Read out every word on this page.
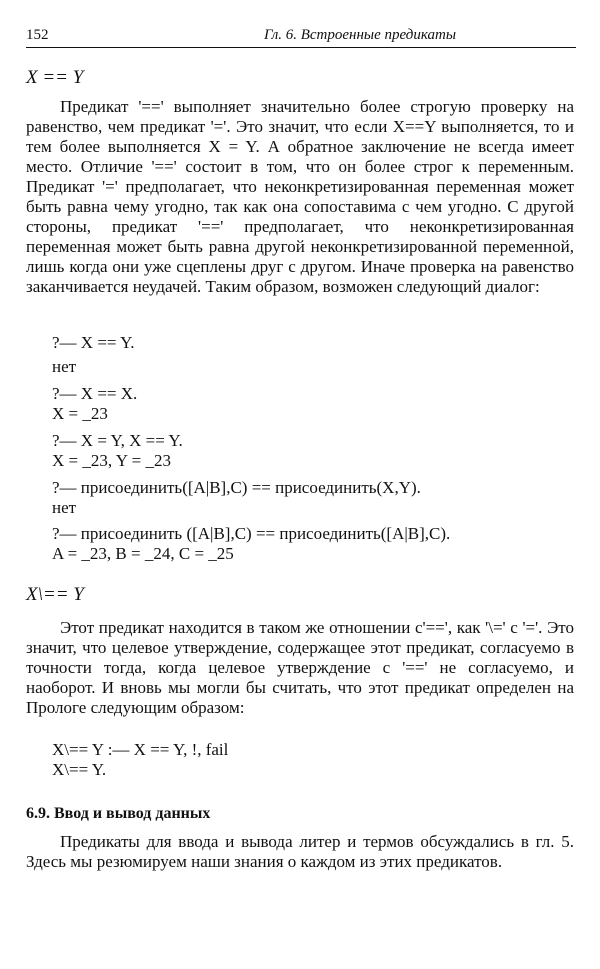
152	Гл. 6. Встроенные предикаты
X == Y

Предикат '==' выполняет значительно более строгую проверку на равенство, чем предикат '='. Это значит, что если X==Y выполняется, то и тем более выполняется X = Y. А обратное заключение не всегда имеет место. Отличие '==' состоит в том, что он более строг к переменным. Предикат '=' предполагает, что неконкретизированная переменная может быть равна чему угодно, так как она сопоставима с чем угодно. С другой стороны, предикат '==' предполагает, что неконкретизированная переменная может быть равна другой неконкретизированной переменной, лишь когда они уже сцеплены друг с другом. Иначе проверка на равенство заканчивается неудачей. Таким образом, возможен следующий диалог:

?— X == Y.
нет
?— X == X.
X = _23
?— X = Y, X == Y.
X = _23, Y = _23
?— присоединить([A|B],C) == присоединить(X,Y).
нет
?— присоединить ([A|B],C) == присоединить([A|B],C).
A = _23, B = _24, C = _25
X\== Y

Этот предикат находится в таком же отношении с'==', как '\=' с '='. Это значит, что целевое утверждение, содержащее этот предикат, согласуемо в точности тогда, когда целевое утверждение с '==' не согласуемо, и наоборот. И вновь мы могли бы считать, что этот предикат определен на Прологе следующим образом:

X\== Y :— X == Y, !, fail
X\== Y.
6.9. Ввод и вывод данных

Предикаты для ввода и вывода литер и термов обсуждались в гл. 5. Здесь мы резюмируем наши знания о каждом из этих предикатов.
